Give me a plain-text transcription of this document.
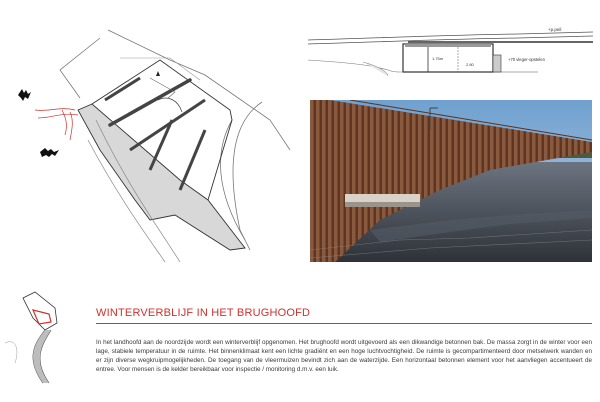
+p.peil
+70 vleger-opstelen
1.75m
2.80
WINTERVERBLIJF IN HET BRUGHOOFD
In het landhoofd aan de noordzijde wordt een winterverblijf opgenomen. Het brughoofd wordt uitgevoerd als een dikwandige betonnen bak. De massa zorgt in de winter voor een lage, stabiele temperatuur in de ruimte. Het binnenklimaat kent een lichte gradiënt en een hoge luchtvochtigheid. De ruimte is gecompartimenteerd door metselwerk wanden en er zijn diverse wegkruipmogelijkheden. De toegang van de vleermuizen bevindt zich aan de waterzijde. Een horizontaal betonnen element voor het aanvliegen accentueert de entree. Voor mensen is de kelder bereikbaar voor inspectie / monitoring d.m.v. een luik.
